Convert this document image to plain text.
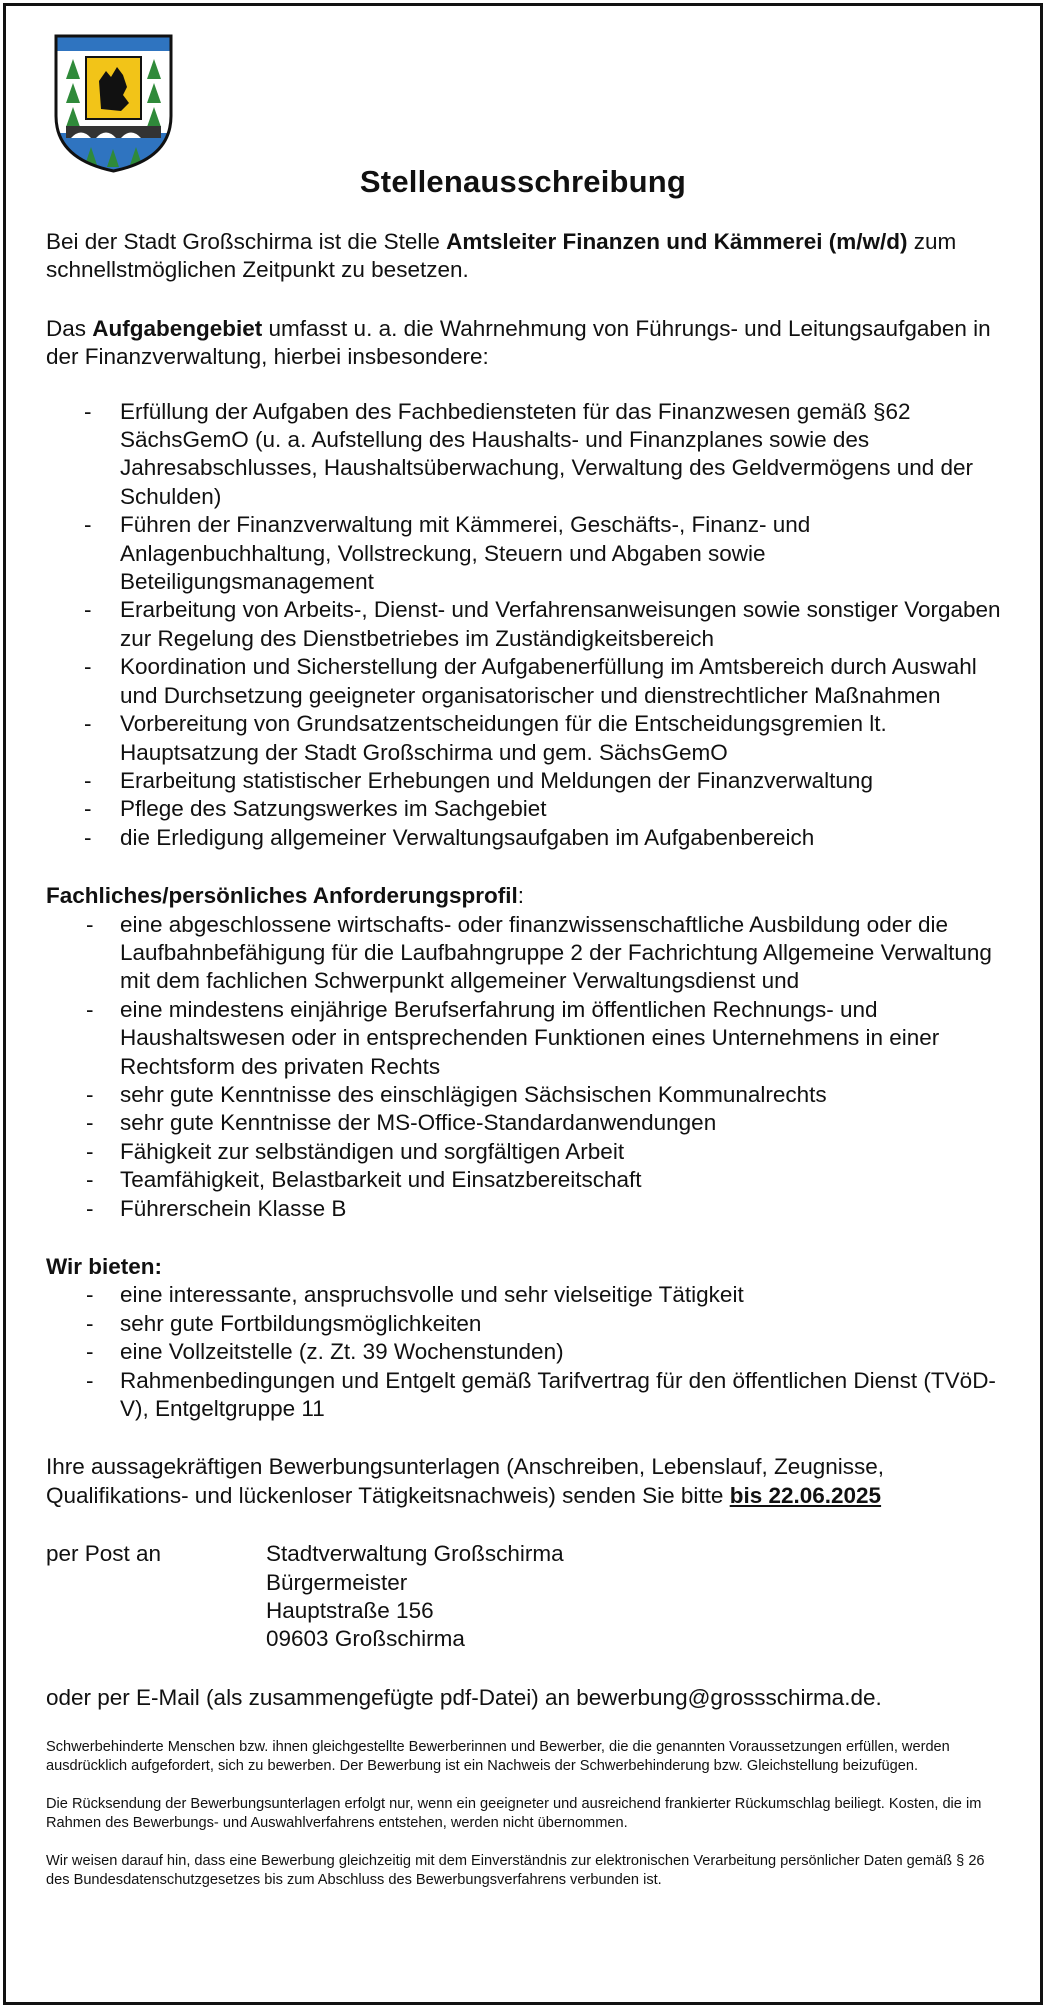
Stellenausschreibung

Bei der Stadt Großschirma ist die Stelle Amtsleiter Finanzen und Kämmerei (m/w/d) zum schnellstmöglichen Zeitpunkt zu besetzen.

Das Aufgabengebiet umfasst u. a. die Wahrnehmung von Führungs- und Leitungsaufgaben in der Finanzverwaltung, hierbei insbesondere:

- Erfüllung der Aufgaben des Fachbediensteten für das Finanzwesen gemäß §62 SächsGemO (u. a. Aufstellung des Haushalts- und Finanzplanes sowie des Jahresabschlusses, Haushaltsüberwachung, Verwaltung des Geldvermögens und der Schulden)
- Führen der Finanzverwaltung mit Kämmerei, Geschäfts-, Finanz- und Anlagenbuchhaltung, Vollstreckung, Steuern und Abgaben sowie Beteiligungsmanagement
- Erarbeitung von Arbeits-, Dienst- und Verfahrensanweisungen sowie sonstiger Vorgaben zur Regelung des Dienstbetriebes im Zuständigkeitsbereich
- Koordination und Sicherstellung der Aufgabenerfüllung im Amtsbereich durch Auswahl und Durchsetzung geeigneter organisatorischer und dienstrechtlicher Maßnahmen
- Vorbereitung von Grundsatzentscheidungen für die Entscheidungsgremien lt. Hauptsatzung der Stadt Großschirma und gem. SächsGemO
- Erarbeitung statistischer Erhebungen und Meldungen der Finanzverwaltung
- Pflege des Satzungswerkes im Sachgebiet
- die Erledigung allgemeiner Verwaltungsaufgaben im Aufgabenbereich

Fachliches/persönliches Anforderungsprofil:

- eine abgeschlossene wirtschafts- oder finanzwissenschaftliche Ausbildung oder die Laufbahnbefähigung für die Laufbahngruppe 2 der Fachrichtung Allgemeine Verwaltung mit dem fachlichen Schwerpunkt allgemeiner Verwaltungsdienst und
- eine mindestens einjährige Berufserfahrung im öffentlichen Rechnungs- und Haushaltswesen oder in entsprechenden Funktionen eines Unternehmens in einer Rechtsform des privaten Rechts
- sehr gute Kenntnisse des einschlägigen Sächsischen Kommunalrechts
- sehr gute Kenntnisse der MS-Office-Standardanwendungen
- Fähigkeit zur selbständigen und sorgfältigen Arbeit
- Teamfähigkeit, Belastbarkeit und Einsatzbereitschaft
- Führerschein Klasse B

Wir bieten:

- eine interessante, anspruchsvolle und sehr vielseitige Tätigkeit
- sehr gute Fortbildungsmöglichkeiten
- eine Vollzeitstelle (z. Zt. 39 Wochenstunden)
- Rahmenbedingungen und Entgelt gemäß Tarifvertrag für den öffentlichen Dienst (TVöD-V), Entgeltgruppe 11

Ihre aussagekräftigen Bewerbungsunterlagen (Anschreiben, Lebenslauf, Zeugnisse, Qualifikations- und lückenloser Tätigkeitsnachweis) senden Sie bitte bis 22.06.2025

per Post an	Stadtverwaltung Großschirma
Bürgermeister
Hauptstraße 156
09603 Großschirma

oder per E-Mail (als zusammengefügte pdf-Datei) an bewerbung@grossschirma.de.

Schwerbehinderte Menschen bzw. ihnen gleichgestellte Bewerberinnen und Bewerber, die die genannten Voraussetzungen erfüllen, werden ausdrücklich aufgefordert, sich zu bewerben. Der Bewerbung ist ein Nachweis der Schwerbehinderung bzw. Gleichstellung beizufügen.

Die Rücksendung der Bewerbungsunterlagen erfolgt nur, wenn ein geeigneter und ausreichend frankierter Rückumschlag beiliegt. Kosten, die im Rahmen des Bewerbungs- und Auswahlverfahrens entstehen, werden nicht übernommen.

Wir weisen darauf hin, dass eine Bewerbung gleichzeitig mit dem Einverständnis zur elektronischen Verarbeitung persönlicher Daten gemäß § 26 des Bundesdatenschutzgesetzes bis zum Abschluss des Bewerbungsverfahrens verbunden ist.
